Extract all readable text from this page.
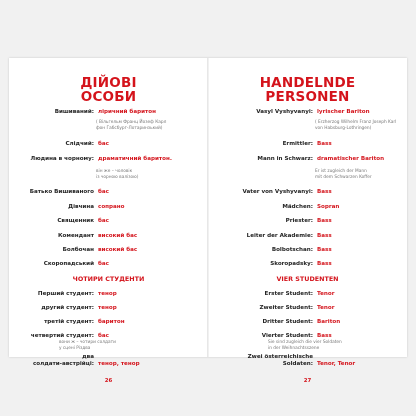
ДІЙОВІ
ОСОБИ
Вишиваний: ліричний баритон
( Вільгельм Франц Йозеф Карл
фон Габсбург-Лотаринзький)
Слідчий: бас
Людина в чорному: драматичний баритон.
він же – чоловік
із чорною валізою)
Батько Вишиваного бас
Дівчина сопрано
Священник бас
Комендант високий бас
Болбочан високий бас
Скоропадський бас
ЧОТИРИ СТУДЕНТИ
Перший студент: тенор
другий студент: тенор
HANDELNDE
PERSONEN
Vasyl Vyshyvanyi: lyrischer Bariton
( Erzherzog Wilhelm Franz Joseph Karl
von Habsburg-Lothringen)
Ermittler: Bass
Mann in Schwarz: dramatischer Bariton
Er ist zugleich der Mann
mit dem Schwarzen Koffer
Vater von Vyshyvanyi: Bass
Mädchen: Sopran
Priester: Bass
Leiter der Akademie: Bass
Bolbotschan: Bass
Skoropadsky: Bass
VIER STUDENTEN
Erster Student: Tenor
Zweiter Student: Tenor
третій студент: баритон
четвертий студент: бас
Dritter Student: Bariton
Vierter Student: Bass
вони ж – чотири солдати
у сцені Різдва
два
солдати-австрійці: тенор, тенор
26
Sie sind zugleich die vier Soldaten
in der Weihnachtsszene
Zwei österreichische
Soldaten: Tenor, Tenor
27
